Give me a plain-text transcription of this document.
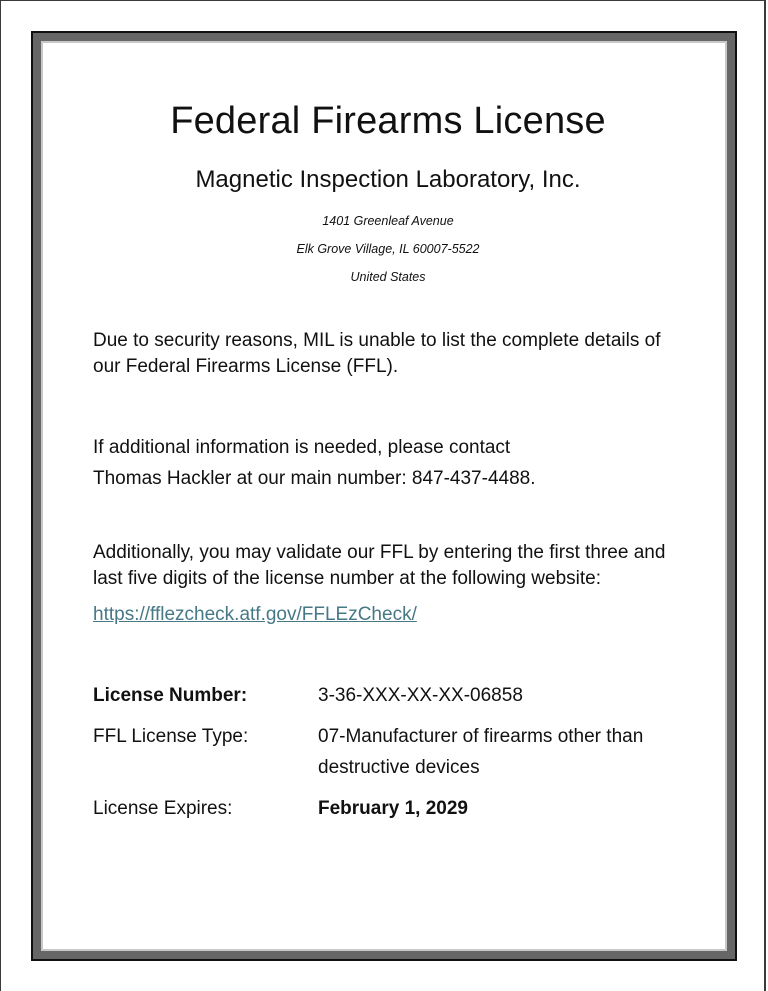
Federal Firearms License
Magnetic Inspection Laboratory, Inc.
1401 Greenleaf Avenue
Elk Grove Village, IL 60007-5522
United States

Due to security reasons, MIL is unable to list the complete details of our Federal Firearms License (FFL).

If additional information is needed, please contact
Thomas Hackler at our main number: 847-437-4488.

Additionally, you may validate our FFL by entering the first three and last five digits of the license number at the following website:

https://fflezcheck.atf.gov/FFLEzCheck/
License Number:	3-36-XXX-XX-XX-06858
FFL License Type:	07-Manufacturer of firearms other than destructive devices
License Expires:	February 1, 2029
